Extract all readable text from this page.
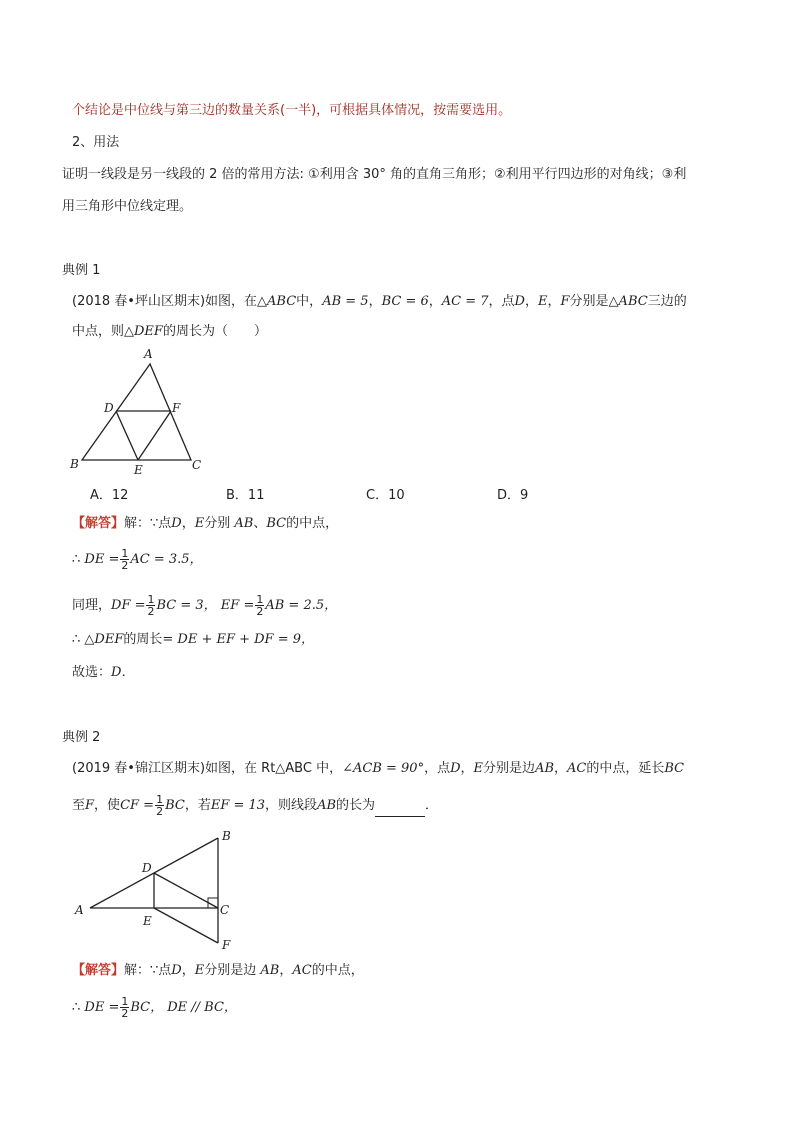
个结论是中位线与第三边的数量关系(一半)，可根据具体情况，按需要选用。
2、用法
证明一线段是另一线段的 2 倍的常用方法: ①利用含 30° 角的直角三角形；②利用平行四边形的对角线；③利
用三角形中位线定理。
典例 1
(2018 春•坪山区期末)如图，在△ABC中，AB = 5，BC = 6，AC = 7，点D，E，F分别是△ABC三边的
中点，则△DEF的周长为（　　）
A
D	F
B	E	C
A．12	B．11	C．10	D．9
【解答】解：∵点D，E分别 AB、BC的中点，
∴ DE = $\frac{1}{2}$ AC = 3.5，
同理，DF = $\frac{1}{2}$ BC = 3， EF = $\frac{1}{2}$ AB = 2.5，
∴ △DEF的周长= DE + EF + DF = 9，
故选：D．
典例 2
(2019 春•锦江区期末)如图，在 Rt△ABC 中，∠ACB = 90°，点D，E分别是边AB，AC的中点，延长BC
至F，使CF = $\frac{1}{2}$ BC，若EF = 13，则线段AB的长为	．
B
D
A
E
C
F
【解答】解：∵点D，E分别是边 AB，AC的中点，
∴ DE = $\frac{1}{2}$ BC， DE // BC，
